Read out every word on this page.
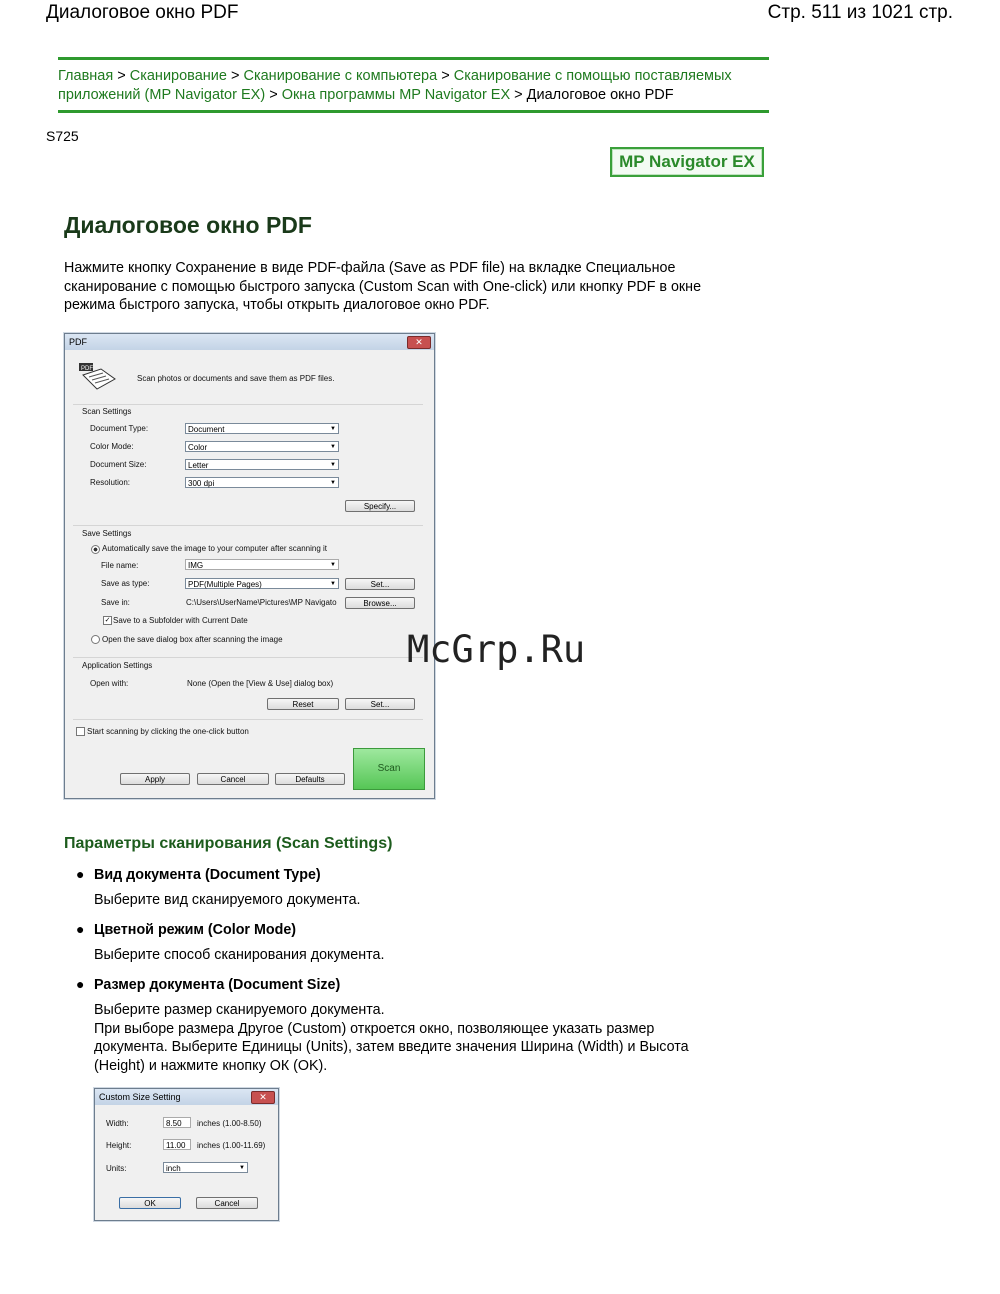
Диалоговое окно PDF	Стр. 511 из 1021 стр.
Главная > Сканирование > Сканирование с компьютера > Сканирование с помощью поставляемых
приложений (MP Navigator EX) > Окна программы MP Navigator EX > Диалоговое окно PDF
S725
MP Navigator EX
Диалоговое окно PDF
Нажмите кнопку Сохранение в виде PDF-файла (Save as PDF file) на вкладке Специальное
сканирование с помощью быстрого запуска (Custom Scan with One-click) или кнопку PDF в окне
режима быстрого запуска, чтобы открыть диалоговое окно PDF.
PDF	✕
PDF
Scan photos or documents and save them as PDF files.
Scan Settings
Document Type:	Document	▼
Color Mode:	Color	▼
Document Size:	Letter	▼
Resolution:	300 dpi	▼
Specify...
Save Settings
Automatically save the image to your computer after scanning it
File name:	IMG	▼
Save as type:	PDF(Multiple Pages)	▼	Set...
Save in:	C:\Users\UserName\Pictures\MP Navigato	Browse...
✓ Save to a Subfolder with Current Date
Open the save dialog box after scanning the image
Application Settings
Open with:	None (Open the [View & Use] dialog box)
Reset	Set...
Start scanning by clicking the one-click button
Apply	Cancel	Defaults
Scan
McGrp.Ru
Параметры сканирования (Scan Settings)
● Вид документа (Document Type)
Выберите вид сканируемого документа.
● Цветной режим (Color Mode)
Выберите способ сканирования документа.
● Размер документа (Document Size)
Выберите размер сканируемого документа.
При выборе размера Другое (Custom) откроется окно, позволяющее указать размер
документа. Выберите Единицы (Units), затем введите значения Ширина (Width) и Высота
(Height) и нажмите кнопку ОК (OK).
Custom Size Setting	✕
Width:	8.50	inches (1.00-8.50)
Height:	11.00	inches (1.00-11.69)
Units:	inch	▼
OK	Cancel
